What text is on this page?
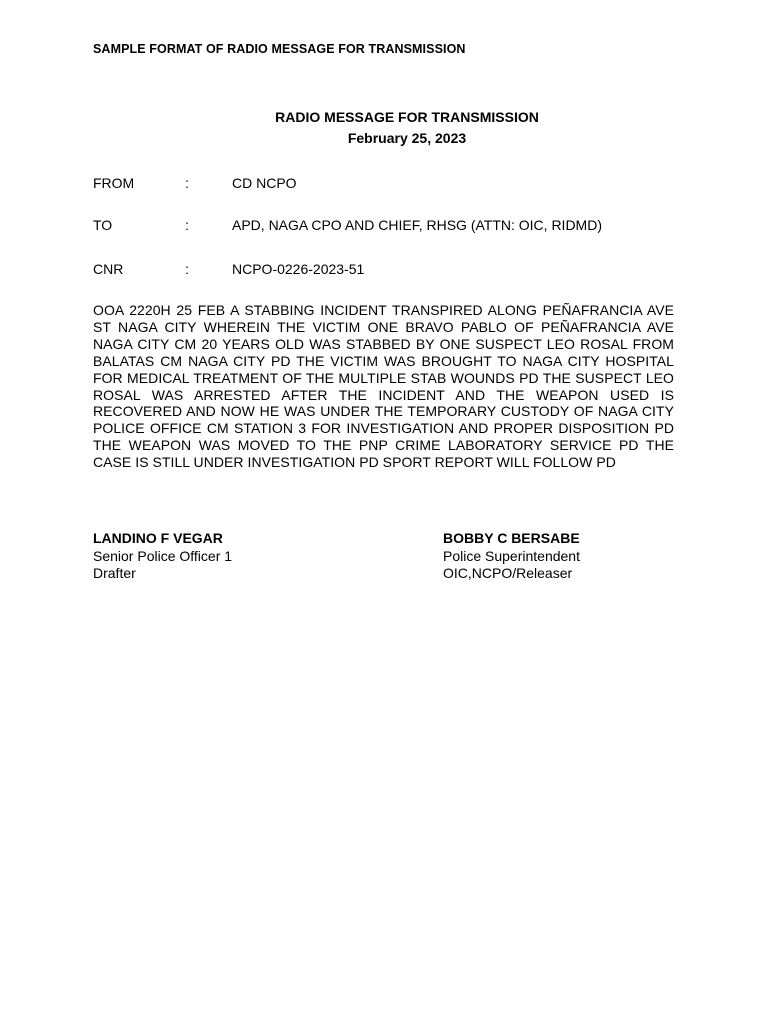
SAMPLE FORMAT OF RADIO MESSAGE FOR TRANSMISSION
RADIO MESSAGE FOR TRANSMISSION
February 25, 2023
FROM	:	CD NCPO
TO	:	APD, NAGA CPO AND CHIEF, RHSG (ATTN: OIC, RIDMD)
CNR	:	NCPO-0226-2023-51
OOA 2220H 25 FEB A STABBING INCIDENT TRANSPIRED ALONG PEÑAFRANCIA AVE ST NAGA CITY WHEREIN THE VICTIM ONE BRAVO PABLO OF PEÑAFRANCIA AVE NAGA CITY CM 20 YEARS OLD WAS STABBED BY ONE SUSPECT LEO ROSAL FROM BALATAS CM NAGA CITY PD THE VICTIM WAS BROUGHT TO NAGA CITY HOSPITAL FOR MEDICAL TREATMENT OF THE MULTIPLE STAB WOUNDS PD THE SUSPECT LEO ROSAL WAS ARRESTED AFTER THE INCIDENT AND THE WEAPON USED IS RECOVERED AND NOW HE WAS UNDER THE TEMPORARY CUSTODY OF NAGA CITY POLICE OFFICE CM STATION 3 FOR INVESTIGATION AND PROPER DISPOSITION PD THE WEAPON WAS MOVED TO THE PNP CRIME LABORATORY SERVICE PD THE CASE IS STILL UNDER INVESTIGATION PD SPORT REPORT WILL FOLLOW PD
LANDINO F VEGAR
Senior Police Officer 1
Drafter
BOBBY C BERSABE
Police Superintendent
OIC,NCPO/Releaser
